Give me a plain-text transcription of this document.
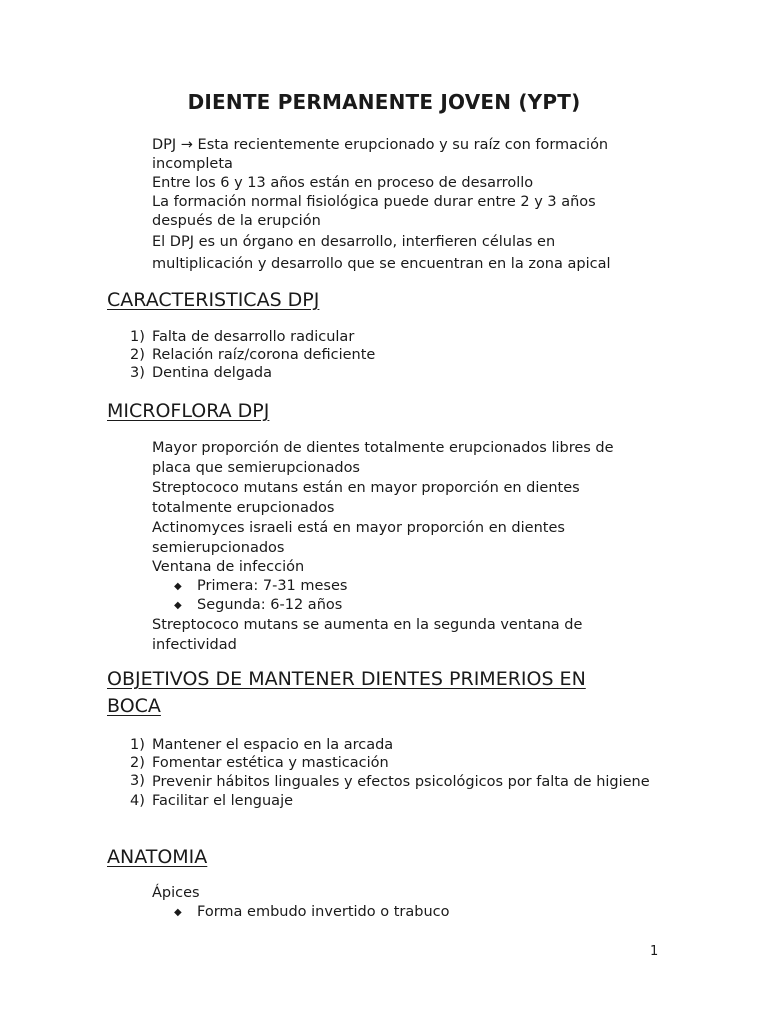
DIENTE PERMANENTE JOVEN (YPT)

DPJ → Esta recientemente erupcionado y su raíz con formación incompleta

Entre los 6 y 13 años están en proceso de desarrollo

La formación normal fisiológica puede durar entre 2 y 3 años después de la erupción

El DPJ es un órgano en desarrollo, interfieren células en multiplicación y desarrollo que se encuentran en la zona apical

CARACTERISTICAS DPJ
1) Falta de desarrollo radicular
2) Relación raíz/corona deficiente
3) Dentina delgada
MICROFLORA DPJ

Mayor proporción de dientes totalmente erupcionados libres de placa que semierupcionados

Streptococo mutans están en mayor proporción en dientes totalmente erupcionados

Actinomyces israeli está en mayor proporción en dientes semierupcionados

Ventana de infección

◆	Primera: 7-31 meses
◆	Segunda: 6-12 años

Streptococo mutans se aumenta en la segunda ventana de infectividad

OBJETIVOS DE MANTENER DIENTES PRIMERIOS EN BOCA
1) Mantener el espacio en la arcada
2) Fomentar estética y masticación
3) Prevenir hábitos linguales y efectos psicológicos por falta de higiene
4) Facilitar el lenguaje
ANATOMIA

Ápices

◆	Forma embudo invertido o trabuco
1
